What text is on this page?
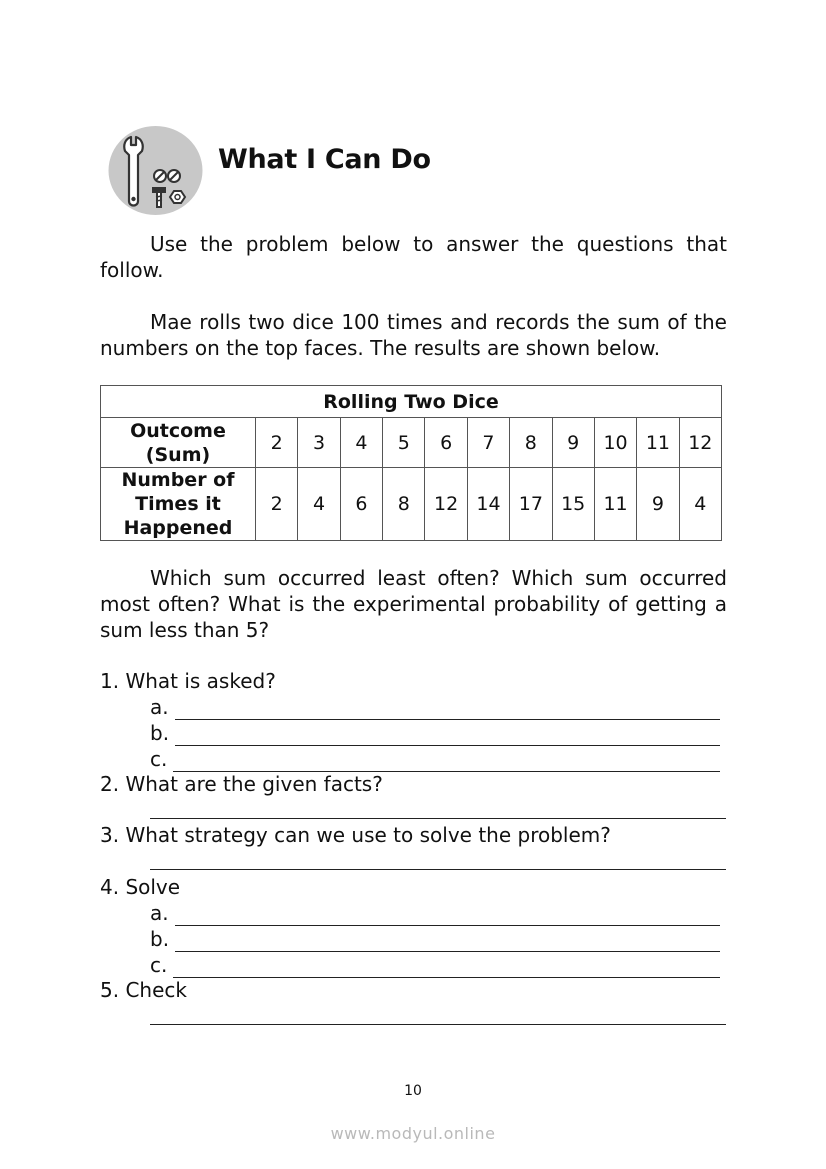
What I Can Do
Use the problem below to answer the questions that follow.
Mae rolls two dice 100 times and records the sum of the numbers on the top faces. The results are shown below.
Rolling Two Dice											
Outcome (Sum)	2	3	4	5	6	7	8	9	10	11	12
Number of Times it Happened	2	4	6	8	12	14	17	15	11	9	4
Which sum occurred least often? Which sum occurred most often? What is the experimental probability of getting a sum less than 5?
1. What is asked?
a.
b.
c.
2. What are the given facts?
3. What strategy can we use to solve the problem?
4. Solve
a.
b.
c.
5. Check
10
www.modyul.online
